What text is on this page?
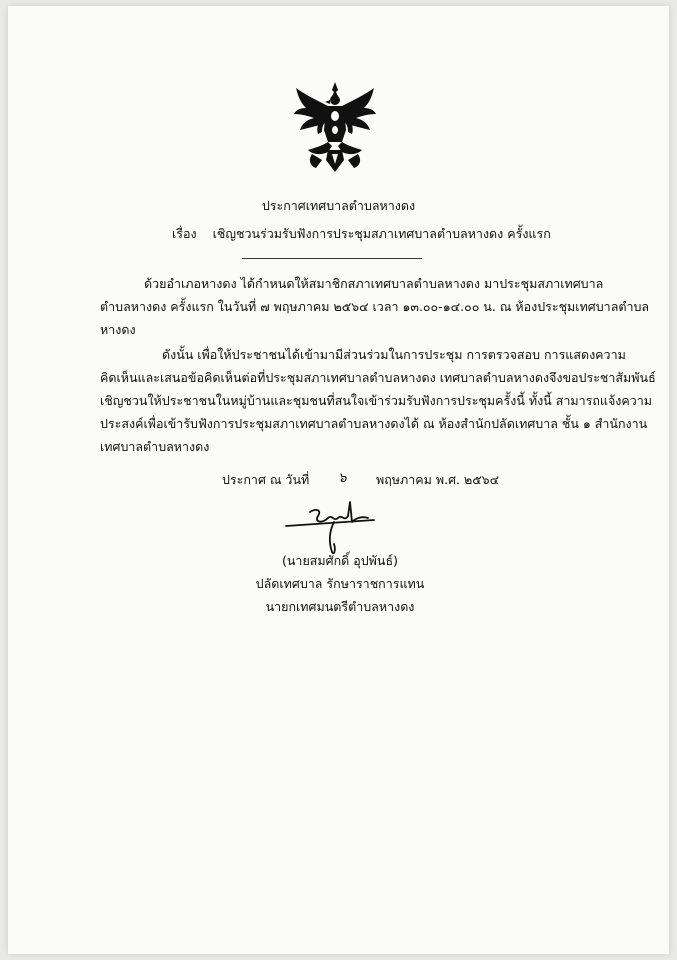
ประกาศเทศบาลตำบลหางดง
เรื่อง เชิญชวนร่วมรับฟังการประชุมสภาเทศบาลตำบลหางดง ครั้งแรก
ด้วยอำเภอหางดง ได้กำหนดให้สมาชิกสภาเทศบาลตำบลหางดง มาประชุมสภาเทศบาล
ตำบลหางดง ครั้งแรก ในวันที่ ๗ พฤษภาคม ๒๕๖๔ เวลา ๑๓.๐๐-๑๔.๐๐ น. ณ ห้องประชุมเทศบาลตำบล
หางดง
ดังนั้น เพื่อให้ประชาชนได้เข้ามามีส่วนร่วมในการประชุม การตรวจสอบ การแสดงความ
คิดเห็นและเสนอข้อคิดเห็นต่อที่ประชุมสภาเทศบาลตำบลหางดง เทศบาลตำบลหางดงจึงขอประชาสัมพันธ์
เชิญชวนให้ประชาชนในหมู่บ้านและชุมชนที่สนใจเข้าร่วมรับฟังการประชุมครั้งนี้ ทั้งนี้ สามารถแจ้งความ
ประสงค์เพื่อเข้ารับฟังการประชุมสภาเทศบาลตำบลหางดงได้ ณ ห้องสำนักปลัดเทศบาล ชั้น ๑ สำนักงาน
เทศบาลตำบลหางดง
ประกาศ ณ วันที่ ๖ พฤษภาคม พ.ศ. ๒๕๖๔
(นายสมศักดิ์ อุปพันธ์)
ปลัดเทศบาล รักษาราชการแทน
นายกเทศมนตรีตำบลหางดง
